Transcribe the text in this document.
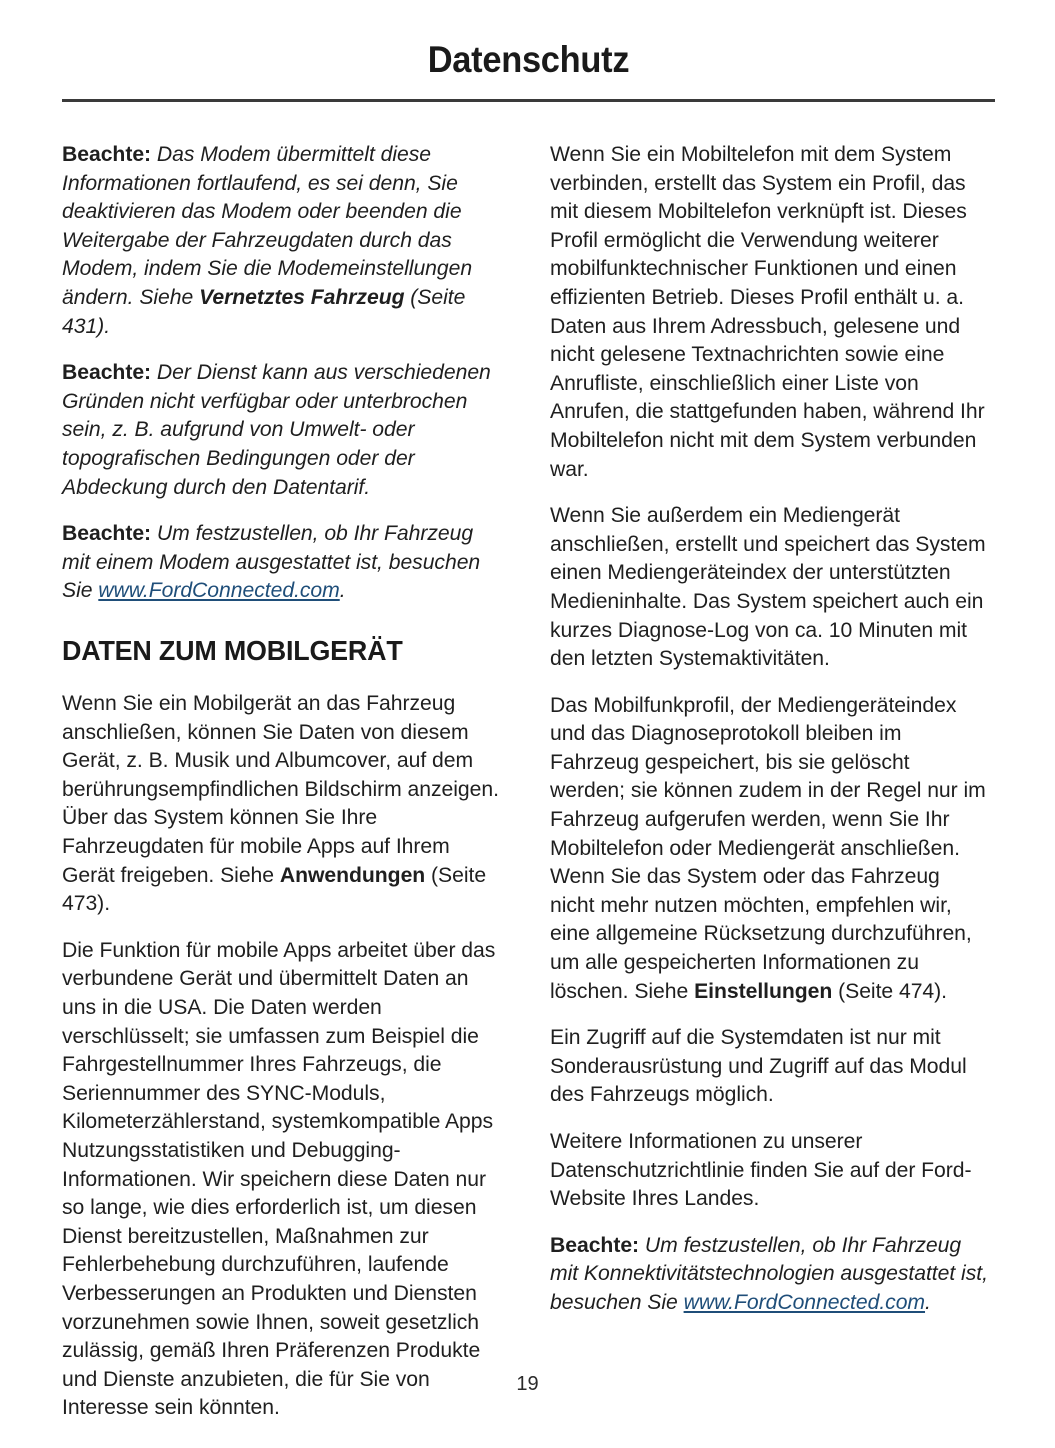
Datenschutz

Beachte: Das Modem übermittelt diese Informationen fortlaufend, es sei denn, Sie deaktivieren das Modem oder beenden die Weitergabe der Fahrzeugdaten durch das Modem, indem Sie die Modemeinstellungen ändern. Siehe Vernetztes Fahrzeug (Seite 431).

Beachte: Der Dienst kann aus verschiedenen Gründen nicht verfügbar oder unterbrochen sein, z. B. aufgrund von Umwelt- oder topografischen Bedingungen oder der Abdeckung durch den Datentarif.

Beachte: Um festzustellen, ob Ihr Fahrzeug mit einem Modem ausgestattet ist, besuchen Sie www.FordConnected.com.

DATEN ZUM MOBILGERÄT

Wenn Sie ein Mobilgerät an das Fahrzeug anschließen, können Sie Daten von diesem Gerät, z. B. Musik und Albumcover, auf dem berührungsempfindlichen Bildschirm anzeigen. Über das System können Sie Ihre Fahrzeugdaten für mobile Apps auf Ihrem Gerät freigeben. Siehe Anwendungen (Seite 473).

Die Funktion für mobile Apps arbeitet über das verbundene Gerät und übermittelt Daten an uns in die USA. Die Daten werden verschlüsselt; sie umfassen zum Beispiel die Fahrgestellnummer Ihres Fahrzeugs, die Seriennummer des SYNC-Moduls, Kilometerzählerstand, systemkompatible Apps Nutzungsstatistiken und Debugging-Informationen. Wir speichern diese Daten nur so lange, wie dies erforderlich ist, um diesen Dienst bereitzustellen, Maßnahmen zur Fehlerbehebung durchzuführen, laufende Verbesserungen an Produkten und Diensten vorzunehmen sowie Ihnen, soweit gesetzlich zulässig, gemäß Ihren Präferenzen Produkte und Dienste anzubieten, die für Sie von Interesse sein könnten.

Wenn Sie ein Mobiltelefon mit dem System verbinden, erstellt das System ein Profil, das mit diesem Mobiltelefon verknüpft ist. Dieses Profil ermöglicht die Verwendung weiterer mobilfunktechnischer Funktionen und einen effizienten Betrieb. Dieses Profil enthält u. a. Daten aus Ihrem Adressbuch, gelesene und nicht gelesene Textnachrichten sowie eine Anrufliste, einschließlich einer Liste von Anrufen, die stattgefunden haben, während Ihr Mobiltelefon nicht mit dem System verbunden war.

Wenn Sie außerdem ein Mediengerät anschließen, erstellt und speichert das System einen Mediengeräteindex der unterstützten Medieninhalte. Das System speichert auch ein kurzes Diagnose-Log von ca. 10 Minuten mit den letzten Systemaktivitäten.

Das Mobilfunkprofil, der Mediengeräteindex und das Diagnoseprotokoll bleiben im Fahrzeug gespeichert, bis sie gelöscht werden; sie können zudem in der Regel nur im Fahrzeug aufgerufen werden, wenn Sie Ihr Mobiltelefon oder Mediengerät anschließen. Wenn Sie das System oder das Fahrzeug nicht mehr nutzen möchten, empfehlen wir, eine allgemeine Rücksetzung durchzuführen, um alle gespeicherten Informationen zu löschen. Siehe Einstellungen (Seite 474).

Ein Zugriff auf die Systemdaten ist nur mit Sonderausrüstung und Zugriff auf das Modul des Fahrzeugs möglich.

Weitere Informationen zu unserer Datenschutzrichtlinie finden Sie auf der Ford-Website Ihres Landes.

Beachte: Um festzustellen, ob Ihr Fahrzeug mit Konnektivitätstechnologien ausgestattet ist, besuchen Sie www.FordConnected.com.

19
